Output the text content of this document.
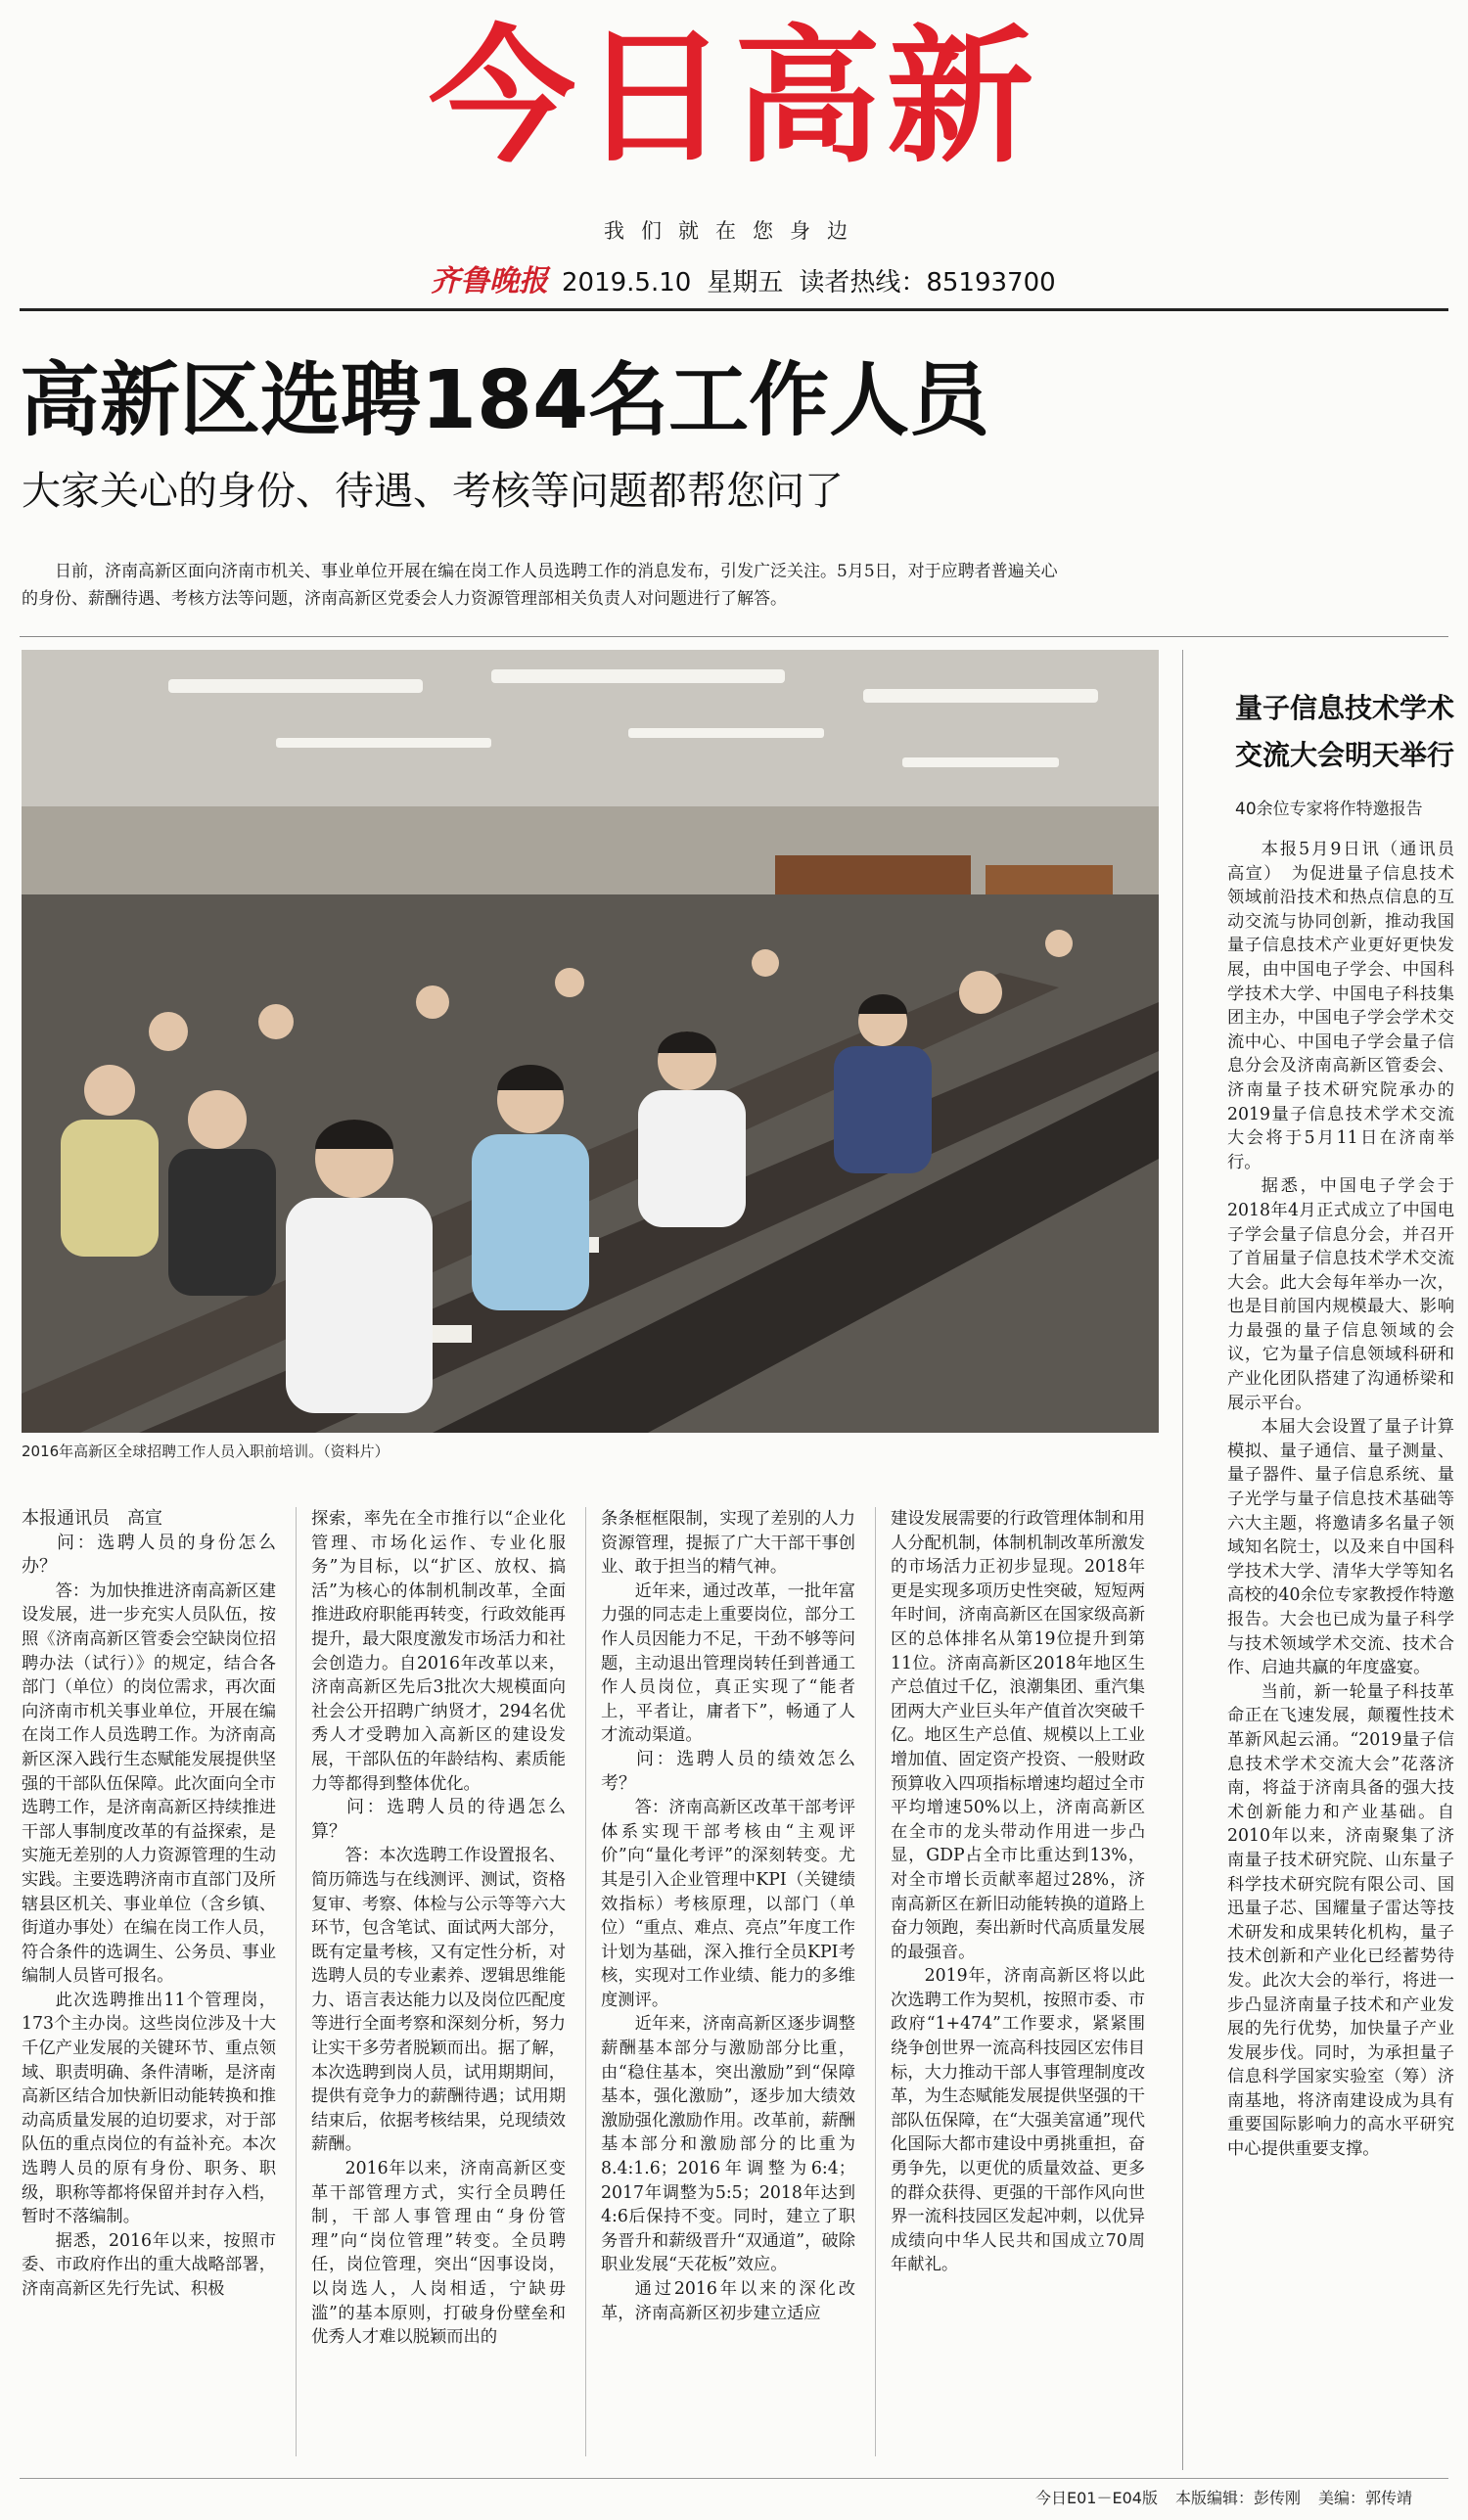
今日高新
我们就在您身边
齐鲁晚报 2019.5.10 星期五 读者热线：85193700
高新区选聘184名工作人员
大家关心的身份、待遇、考核等问题都帮您问了
日前，济南高新区面向济南市机关、事业单位开展在编在岗工作人员选聘工作的消息发布，引发广泛关注。5月5日，对于应聘者普遍关心的身份、薪酬待遇、考核方法等问题，济南高新区党委会人力资源管理部相关负责人对问题进行了解答。
2016年高新区全球招聘工作人员入职前培训。（资料片）
量子信息技术学术交流大会明天举行
40余位专家将作特邀报告

本报5月9日讯（通讯员　高宣）　为促进量子信息技术领域前沿技术和热点信息的互动交流与协同创新，推动我国量子信息技术产业更好更快发展，由中国电子学会、中国科学技术大学、中国电子科技集团主办，中国电子学会学术交流中心、中国电子学会量子信息分会及济南高新区管委会、济南量子技术研究院承办的2019量子信息技术学术交流大会将于5月11日在济南举行。

据悉，中国电子学会于2018年4月正式成立了中国电子学会量子信息分会，并召开了首届量子信息技术学术交流大会。此大会每年举办一次，也是目前国内规模最大、影响力最强的量子信息领域的会议，它为量子信息领域科研和产业化团队搭建了沟通桥梁和展示平台。

本届大会设置了量子计算模拟、量子通信、量子测量、量子器件、量子信息系统、量子光学与量子信息技术基础等六大主题，将邀请多名量子领域知名院士，以及来自中国科学技术大学、清华大学等知名高校的40余位专家教授作特邀报告。大会也已成为量子科学与技术领域学术交流、技术合作、启迪共赢的年度盛宴。

当前，新一轮量子科技革命正在飞速发展，颠覆性技术革新风起云涌。“2019量子信息技术学术交流大会”花落济南，将益于济南具备的强大技术创新能力和产业基础。自2010年以来，济南聚集了济南量子技术研究院、山东量子科学技术研究院有限公司、国迅量子芯、国耀量子雷达等技术研发和成果转化机构，量子技术创新和产业化已经蓄势待发。此次大会的举行，将进一步凸显济南量子技术和产业发展的先行优势，加快量子产业发展步伐。同时，为承担量子信息科学国家实验室（筹）济南基地，将济南建设成为具有重要国际影响力的高水平研究中心提供重要支撑。

本报通讯员　高宣

问：选聘人员的身份怎么办？

答：为加快推进济南高新区建设发展，进一步充实人员队伍，按照《济南高新区管委会空缺岗位招聘办法（试行）》的规定，结合各部门（单位）的岗位需求，再次面向济南市机关事业单位，开展在编在岗工作人员选聘工作。为济南高新区深入践行生态赋能发展提供坚强的干部队伍保障。此次面向全市选聘工作，是济南高新区持续推进干部人事制度改革的有益探索，是实施无差别的人力资源管理的生动实践。主要选聘济南市直部门及所辖县区机关、事业单位（含乡镇、街道办事处）在编在岗工作人员，符合条件的选调生、公务员、事业编制人员皆可报名。

此次选聘推出11个管理岗，173个主办岗。这些岗位涉及十大千亿产业发展的关键环节、重点领域、职责明确、条件清晰，是济南高新区结合加快新旧动能转换和推动高质量发展的迫切要求，对于部队伍的重点岗位的有益补充。本次选聘人员的原有身份、职务、职级，职称等都将保留并封存入档，暂时不落编制。

据悉，2016年以来，按照市委、市政府作出的重大战略部署，济南高新区先行先试、积极

探索，率先在全市推行以“企业化管理、市场化运作、专业化服务”为目标，以“扩区、放权、搞活”为核心的体制机制改革，全面推进政府职能再转变，行政效能再提升，最大限度激发市场活力和社会创造力。自2016年改革以来，济南高新区先后3批次大规模面向社会公开招聘广纳贤才，294名优秀人才受聘加入高新区的建设发展，干部队伍的年龄结构、素质能力等都得到整体优化。

问：选聘人员的待遇怎么算？

答：本次选聘工作设置报名、简历筛选与在线测评、测试，资格复审、考察、体检与公示等等六大环节，包含笔试、面试两大部分，既有定量考核，又有定性分析，对选聘人员的专业素养、逻辑思维能力、语言表达能力以及岗位匹配度等进行全面考察和深刻分析，努力让实干多劳者脱颖而出。据了解，本次选聘到岗人员，试用期期间，提供有竞争力的薪酬待遇；试用期结束后，依据考核结果，兑现绩效薪酬。

2016年以来，济南高新区变革干部管理方式，实行全员聘任制，干部人事管理由“身份管理”向“岗位管理”转变。全员聘任，岗位管理，突出“因事设岗，以岗选人，人岗相适，宁缺毋滥”的基本原则，打破身份壁垒和优秀人才难以脱颖而出的

条条框框限制，实现了差别的人力资源管理，提振了广大干部干事创业、敢于担当的精气神。

近年来，通过改革，一批年富力强的同志走上重要岗位，部分工作人员因能力不足，干劲不够等问题，主动退出管理岗转任到普通工作人员岗位，真正实现了“能者上，平者让，庸者下”，畅通了人才流动渠道。

问：选聘人员的绩效怎么考？

答：济南高新区改革干部考评体系实现干部考核由“主观评价”向“量化考评”的深刻转变。尤其是引入企业管理中KPI（关键绩效指标）考核原理，以部门（单位）“重点、难点、亮点”年度工作计划为基础，深入推行全员KPI考核，实现对工作业绩、能力的多维度测评。

近年来，济南高新区逐步调整薪酬基本部分与激励部分比重，由“稳住基本，突出激励”到“保障基本，强化激励”，逐步加大绩效激励强化激励作用。改革前，薪酬基本部分和激励部分的比重为8.4:1.6；2016年调整为6:4；2017年调整为5:5；2018年达到4:6后保持不变。同时，建立了职务晋升和薪级晋升“双通道”，破除职业发展“天花板”效应。

通过2016年以来的深化改革，济南高新区初步建立适应

建设发展需要的行政管理体制和用人分配机制，体制机制改革所激发的市场活力正初步显现。2018年更是实现多项历史性突破，短短两年时间，济南高新区在国家级高新区的总体排名从第19位提升到第11位。济南高新区2018年地区生产总值过千亿，浪潮集团、重汽集团两大产业巨头年产值首次突破千亿。地区生产总值、规模以上工业增加值、固定资产投资、一般财政预算收入四项指标增速均超过全市平均增速50%以上，济南高新区在全市的龙头带动作用进一步凸显，GDP占全市比重达到13%，对全市增长贡献率超过28%，济南高新区在新旧动能转换的道路上奋力领跑，奏出新时代高质量发展的最强音。

2019年，济南高新区将以此次选聘工作为契机，按照市委、市政府“1+474”工作要求，紧紧围绕争创世界一流高科技园区宏伟目标，大力推动干部人事管理制度改革，为生态赋能发展提供坚强的干部队伍保障，在“大强美富通”现代化国际大都市建设中勇挑重担，奋勇争先，以更优的质量效益、更多的群众获得、更强的干部作风向世界一流科技园区发起冲刺，以优异成绩向中华人民共和国成立70周年献礼。

今日E01－E04版 本版编辑：彭传刚 美编：郭传靖
